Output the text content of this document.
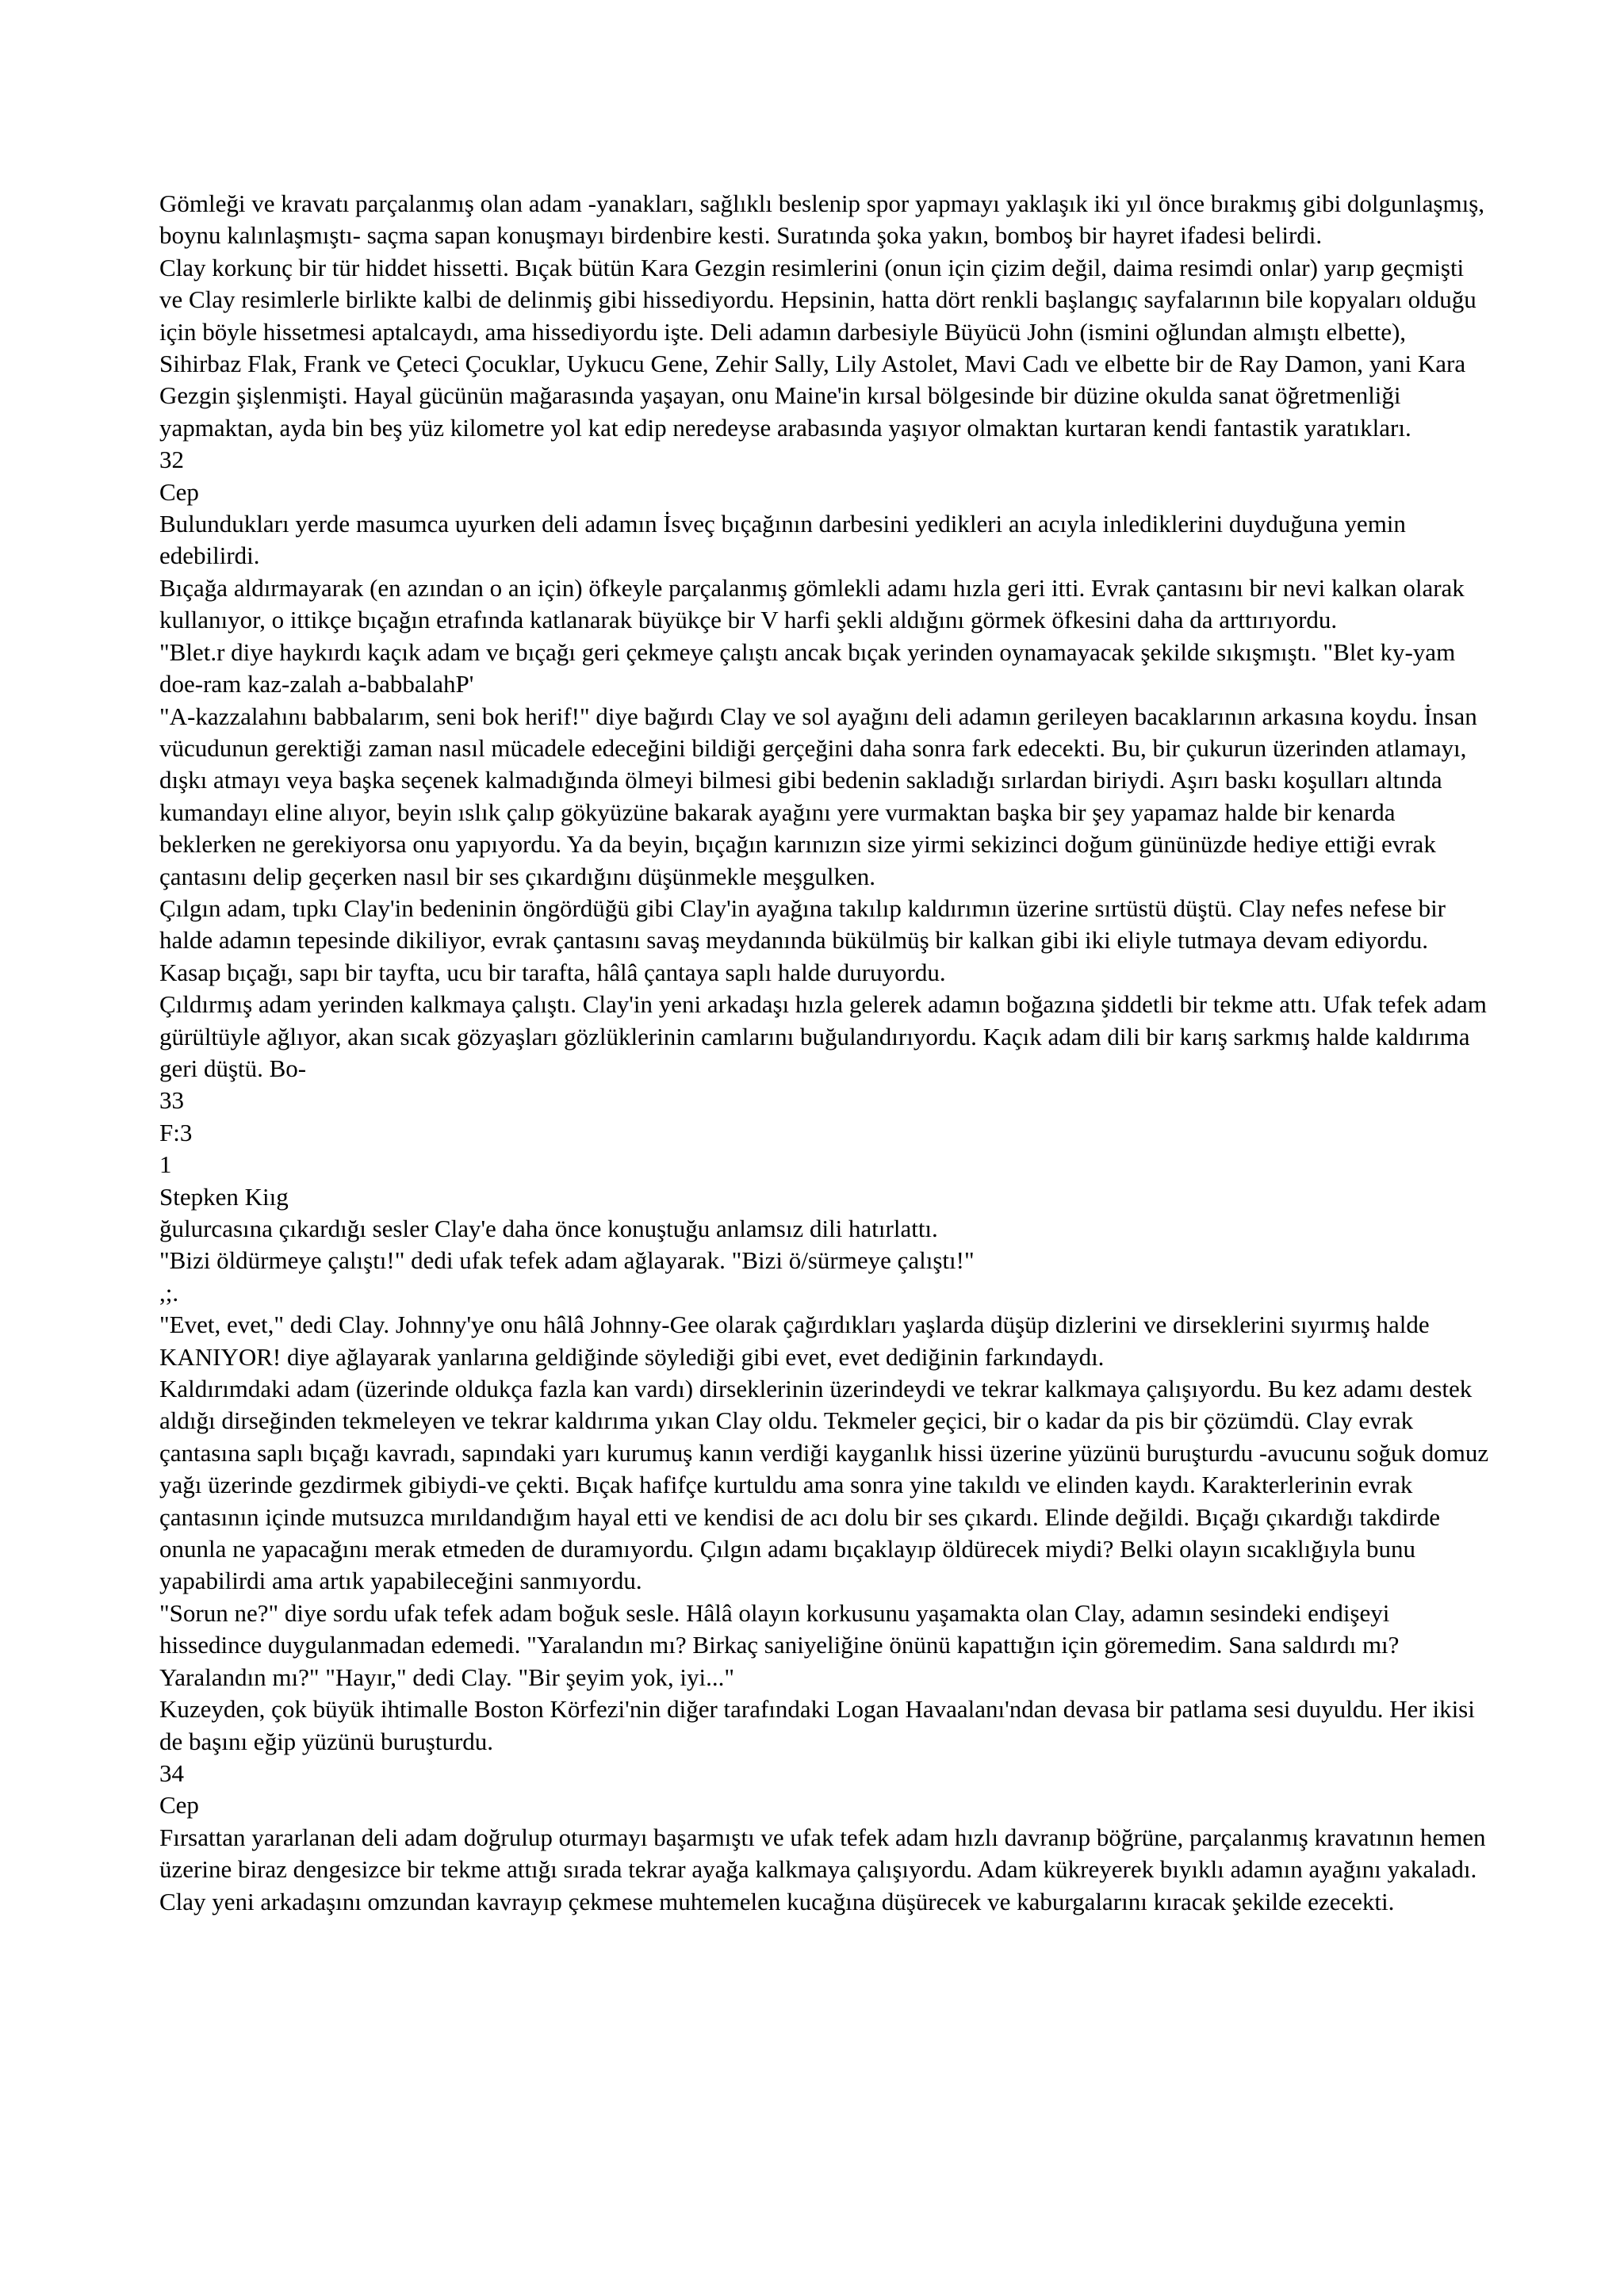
Gömleği ve kravatı parçalanmış olan adam -yanakları, sağlıklı beslenip spor yapmayı yaklaşık iki yıl önce bırakmış gibi dolgunlaşmış, boynu kalınlaşmıştı- saçma sapan konuşmayı birdenbire kesti. Suratında şoka yakın, bomboş bir hayret ifadesi belirdi.

Clay korkunç bir tür hiddet hissetti. Bıçak bütün Kara Gezgin resimlerini (onun için çizim değil, daima resimdi onlar) yarıp geçmişti ve Clay resimlerle birlikte kalbi de delinmiş gibi hissediyordu. Hepsinin, hatta dört renkli başlangıç sayfalarının bile kopyaları olduğu için böyle hissetmesi aptalcaydı, ama hissediyordu işte. Deli adamın darbesiyle Büyücü John (ismini oğlundan almıştı elbette), Sihirbaz Flak, Frank ve Çeteci Çocuklar, Uykucu Gene, Zehir Sally, Lily Astolet, Mavi Cadı ve elbette bir de Ray Damon, yani Kara Gezgin şişlenmişti. Hayal gücünün mağarasında yaşayan, onu Maine'in kırsal bölgesinde bir düzine okulda sanat öğretmenliği yapmaktan, ayda bin beş yüz kilometre yol kat edip neredeyse arabasında yaşıyor olmaktan kurtaran kendi fantastik yaratıkları.

32

Cep

Bulundukları yerde masumca uyurken deli adamın İsveç bıçağının darbesini yedikleri an acıyla inlediklerini duyduğuna yemin edebilirdi.

Bıçağa aldırmayarak (en azından o an için) öfkeyle parçalanmış gömlekli adamı hızla geri itti. Evrak çantasını bir nevi kalkan olarak kullanıyor, o ittikçe bıçağın etrafında katlanarak büyükçe bir V harfi şekli aldığını görmek öfkesini daha da arttırıyordu.

"Blet.r diye haykırdı kaçık adam ve bıçağı geri çekmeye çalıştı ancak bıçak yerinden oynamayacak şekilde sıkışmıştı. "Blet ky-yam doe-ram kaz-zalah a-babbalahP'

"A-kazzalahını babbalarım, seni bok herif!" diye bağırdı Clay ve sol ayağını deli adamın gerileyen bacaklarının arkasına koydu. İnsan vücudunun gerektiği zaman nasıl mücadele edeceğini bildiği gerçeğini daha sonra fark edecekti. Bu, bir çukurun üzerinden atlamayı, dışkı atmayı veya başka seçenek kalmadığında ölmeyi bilmesi gibi bedenin sakladığı sırlardan biriydi. Aşırı baskı koşulları altında kumandayı eline alıyor, beyin ıslık çalıp gökyüzüne bakarak ayağını yere vurmaktan başka bir şey yapamaz halde bir kenarda beklerken ne gerekiyorsa onu yapıyordu. Ya da beyin, bıçağın karınızın size yirmi sekizinci doğum gününüzde hediye ettiği evrak çantasını delip geçerken nasıl bir ses çıkardığını düşünmekle meşgulken.

Çılgın adam, tıpkı Clay'in bedeninin öngördüğü gibi Clay'in ayağına takılıp kaldırımın üzerine sırtüstü düştü. Clay nefes nefese bir halde adamın tepesinde dikiliyor, evrak çantasını savaş meydanında bükülmüş bir kalkan gibi iki eliyle tutmaya devam ediyordu. Kasap bıçağı, sapı bir tayfta, ucu bir tarafta, hâlâ çantaya saplı halde duruyordu.

Çıldırmış adam yerinden kalkmaya çalıştı. Clay'in yeni arkadaşı hızla gelerek adamın boğazına şiddetli bir tekme attı. Ufak tefek adam gürültüyle ağlıyor, akan sıcak gözyaşları gözlüklerinin camlarını buğulandırıyordu. Kaçık adam dili bir karış sarkmış halde kaldırıma geri düştü. Bo-

33

F:3

1

Stepken Kiıg

ğulurcasına çıkardığı sesler Clay'e daha önce konuştuğu anlamsız dili hatırlattı.

"Bizi öldürmeye çalıştı!" dedi ufak tefek adam ağlayarak. "Bizi ö/sürmeye çalıştı!"

,;.

"Evet, evet," dedi Clay. Johnny'ye onu hâlâ Johnny-Gee olarak çağırdıkları yaşlarda düşüp dizlerini ve dirseklerini sıyırmış halde KANIYOR! diye ağlayarak yanlarına geldiğinde söylediği gibi evet, evet dediğinin farkındaydı.

Kaldırımdaki adam (üzerinde oldukça fazla kan vardı) dirseklerinin üzerindeydi ve tekrar kalkmaya çalışıyordu. Bu kez adamı destek aldığı dirseğinden tekmeleyen ve tekrar kaldırıma yıkan Clay oldu. Tekmeler geçici, bir o kadar da pis bir çözümdü. Clay evrak çantasına saplı bıçağı kavradı, sapındaki yarı kurumuş kanın verdiği kayganlık hissi üzerine yüzünü buruşturdu -avucunu soğuk domuz yağı üzerinde gezdirmek gibiydi-ve çekti. Bıçak hafifçe kurtuldu ama sonra yine takıldı ve elinden kaydı. Karakterlerinin evrak çantasının içinde mutsuzca mırıldandığım hayal etti ve kendisi de acı dolu bir ses çıkardı. Elinde değildi. Bıçağı çıkardığı takdirde onunla ne yapacağını merak etmeden de duramıyordu. Çılgın adamı bıçaklayıp öldürecek miydi? Belki olayın sıcaklığıyla bunu yapabilirdi ama artık yapabileceğini sanmıyordu.

"Sorun ne?" diye sordu ufak tefek adam boğuk sesle. Hâlâ olayın korkusunu yaşamakta olan Clay, adamın sesindeki endişeyi hissedince duygulanmadan edemedi. "Yaralandın mı? Birkaç saniyeliğine önünü kapattığın için göremedim. Sana saldırdı mı? Yaralandın mı?" "Hayır," dedi Clay. "Bir şeyim yok, iyi..."

Kuzeyden, çok büyük ihtimalle Boston Körfezi'nin diğer tarafındaki Logan Havaalanı'ndan devasa bir patlama sesi duyuldu. Her ikisi de başını eğip yüzünü buruşturdu.

34

Cep

Fırsattan yararlanan deli adam doğrulup oturmayı başarmıştı ve ufak tefek adam hızlı davranıp böğrüne, parçalanmış kravatının hemen üzerine biraz dengesizce bir tekme attığı sırada tekrar ayağa kalkmaya çalışıyordu. Adam kükreyerek bıyıklı adamın ayağını yakaladı. Clay yeni arkadaşını omzundan kavrayıp çekmese muhtemelen kucağına düşürecek ve kaburgalarını kıracak şekilde ezecekti.
